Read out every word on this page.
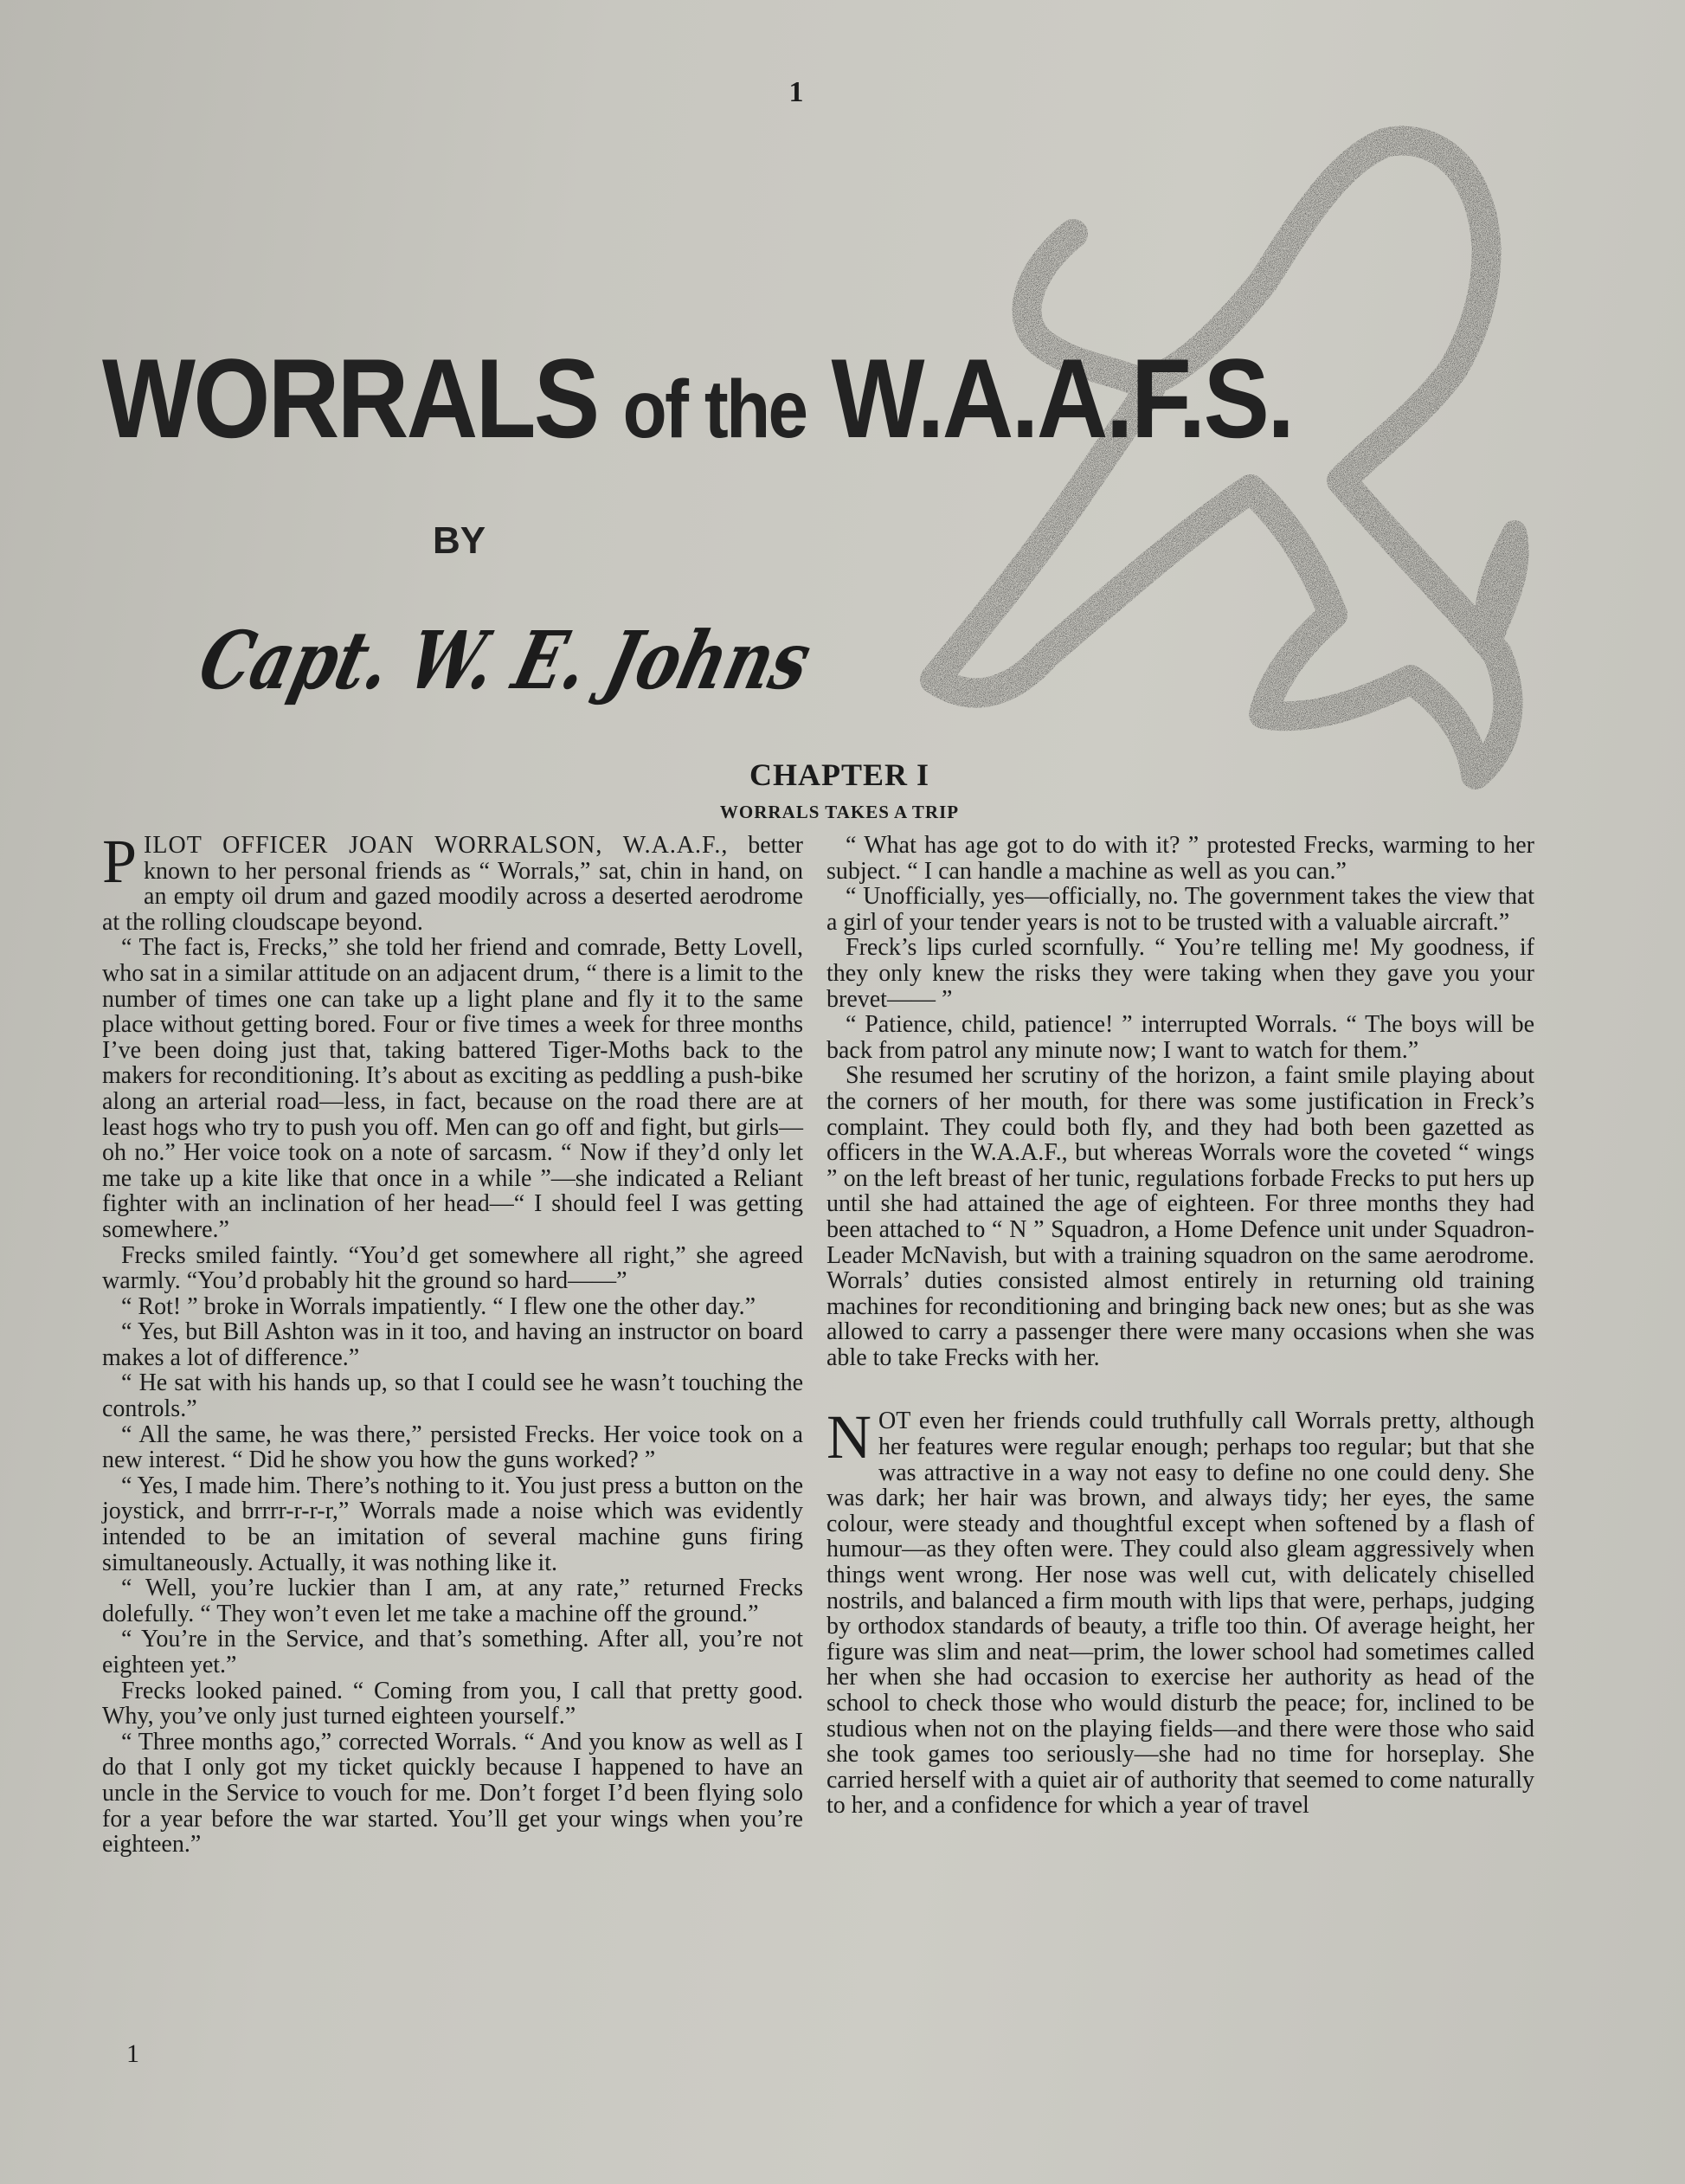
1
WORRALS of the W.A.A.F.S.
BY
Capt. W. E. Johns
CHAPTER I
WORRALS TAKES A TRIP

PILOT OFFICER JOAN WORRALSON, W.A.A.F., better known to her personal friends as “ Worrals,” sat, chin in hand, on an empty oil drum and gazed moodily across a deserted aerodrome at the rolling cloudscape beyond.

“ The fact is, Frecks,” she told her friend and comrade, Betty Lovell, who sat in a similar attitude on an adjacent drum, “ there is a limit to the number of times one can take up a light plane and fly it to the same place without getting bored. Four or five times a week for three months I’ve been doing just that, taking battered Tiger-Moths back to the makers for reconditioning. It’s about as exciting as peddling a push-bike along an arterial road—less, in fact, because on the road there are at least hogs who try to push you off. Men can go off and fight, but girls—oh no.” Her voice took on a note of sarcasm. “ Now if they’d only let me take up a kite like that once in a while ”—she indicated a Reliant fighter with an inclination of her head—“ I should feel I was getting somewhere.”

Frecks smiled faintly. “You’d get somewhere all right,” she agreed warmly. “You’d probably hit the ground so hard——”

“ Rot! ” broke in Worrals impatiently. “ I flew one the other day.”

“ Yes, but Bill Ashton was in it too, and having an instructor on board makes a lot of difference.”

“ He sat with his hands up, so that I could see he wasn’t touching the controls.”

“ All the same, he was there,” persisted Frecks. Her voice took on a new interest. “ Did he show you how the guns worked? ”

“ Yes, I made him. There’s nothing to it. You just press a button on the joystick, and brrrr-r-r-r,” Worrals made a noise which was evidently intended to be an imitation of several machine guns firing simultaneously. Actually, it was nothing like it.

“ Well, you’re luckier than I am, at any rate,” returned Frecks dolefully. “ They won’t even let me take a machine off the ground.”

“ You’re in the Service, and that’s something. After all, you’re not eighteen yet.”

Frecks looked pained. “ Coming from you, I call that pretty good. Why, you’ve only just turned eighteen yourself.”

“ Three months ago,” corrected Worrals. “ And you know as well as I do that I only got my ticket quickly because I happened to have an uncle in the Service to vouch for me. Don’t forget I’d been flying solo for a year before the war started. You’ll get your wings when you’re eighteen.”

“ What has age got to do with it? ” protested Frecks, warming to her subject. “ I can handle a machine as well as you can.”

“ Unofficially, yes—officially, no. The government takes the view that a girl of your tender years is not to be trusted with a valuable aircraft.”

Freck’s lips curled scornfully. “ You’re telling me! My goodness, if they only knew the risks they were taking when they gave you your brevet—— ”

“ Patience, child, patience! ” interrupted Worrals. “ The boys will be back from patrol any minute now; I want to watch for them.”

She resumed her scrutiny of the horizon, a faint smile playing about the corners of her mouth, for there was some justification in Freck’s complaint. They could both fly, and they had both been gazetted as officers in the W.A.A.F., but whereas Worrals wore the coveted “ wings ” on the left breast of her tunic, regulations forbade Frecks to put hers up until she had attained the age of eighteen. For three months they had been attached to “ N ” Squadron, a Home Defence unit under Squadron-Leader McNavish, but with a training squadron on the same aerodrome. Worrals’ duties consisted almost entirely in returning old training machines for reconditioning and bringing back new ones; but as she was allowed to carry a passenger there were many occasions when she was able to take Frecks with her.

NOT even her friends could truthfully call Worrals pretty, although her features were regular enough; perhaps too regular; but that she was attractive in a way not easy to define no one could deny. She was dark; her hair was brown, and always tidy; her eyes, the same colour, were steady and thoughtful except when softened by a flash of humour—as they often were. They could also gleam aggressively when things went wrong. Her nose was well cut, with delicately chiselled nostrils, and balanced a firm mouth with lips that were, perhaps, judging by orthodox standards of beauty, a trifle too thin. Of average height, her figure was slim and neat—prim, the lower school had sometimes called her when she had occasion to exercise her authority as head of the school to check those who would disturb the peace; for, inclined to be studious when not on the playing fields—and there were those who said she took games too seriously—she had no time for horseplay. She carried herself with a quiet air of authority that seemed to come naturally to her, and a confidence for which a year of travel

1
